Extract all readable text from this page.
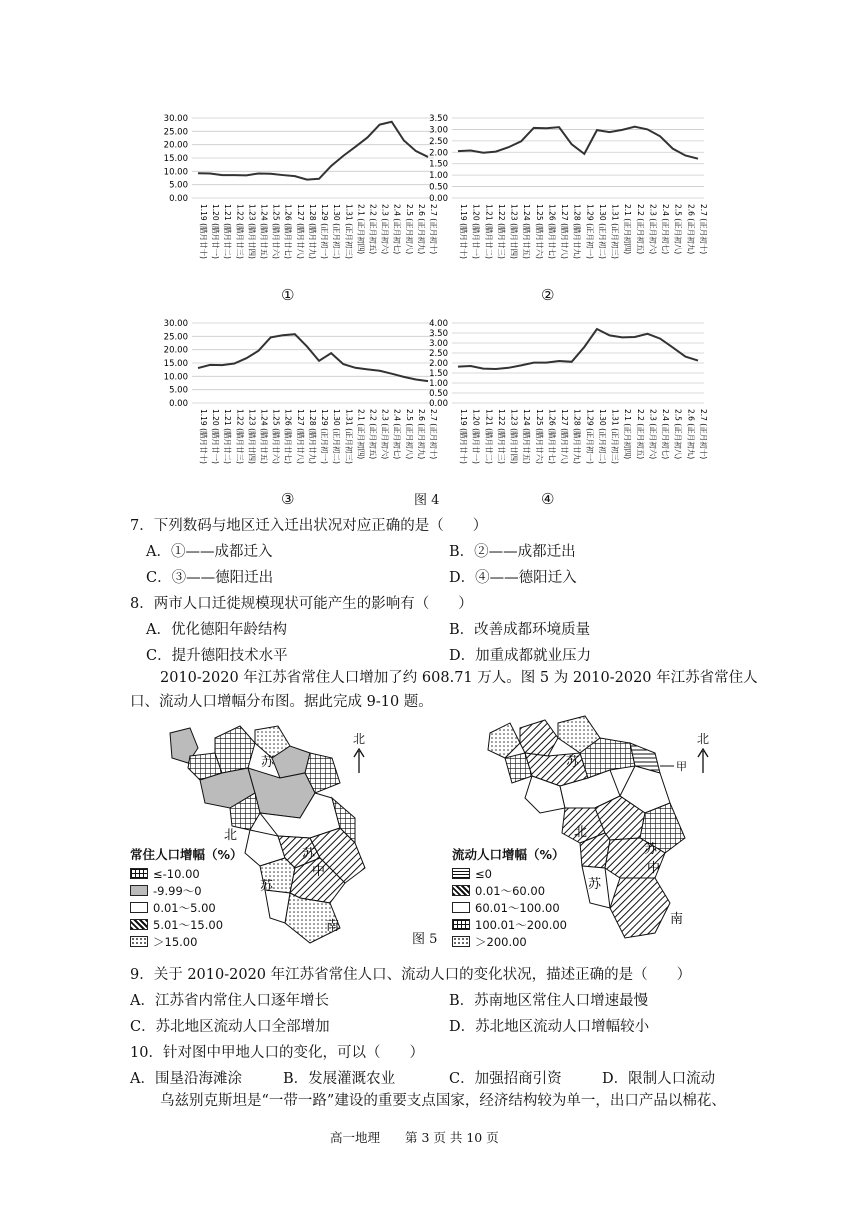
0.00
5.00
10.00
15.00
20.00
25.00
30.00
1.19 (腊月廿十) 1.20 (腊月廿一) 1.21 (腊月廿二) 1.22 (腊月廿三) 1.23 (腊月廿四) 1.24 (腊月廿五) 1.25 (腊月廿六) 1.26 (腊月廿七) 1.27 (腊月廿八) 1.28 (腊月廿九) 1.29 (正月初一) 1.30 (正月初二) 1.31 (正月初三) 2.1 (正月初四) 2.2 (正月初五) 2.3 (正月初六) 2.4 (正月初七) 2.5 (正月初八) 2.6 (正月初九) 2.7 (正月初十)
0.00
0.50
1.00
1.50
2.00
2.50
3.00
3.50
1.19 (腊月廿十) 1.20 (腊月廿一) 1.21 (腊月廿二) 1.22 (腊月廿三) 1.23 (腊月廿四) 1.24 (腊月廿五) 1.25 (腊月廿六) 1.26 (腊月廿七) 1.27 (腊月廿八) 1.28 (腊月廿九) 1.29 (正月初一) 1.30 (正月初二) 1.31 (正月初三) 2.1 (正月初四) 2.2 (正月初五) 2.3 (正月初六) 2.4 (正月初七) 2.5 (正月初八) 2.6 (正月初九) 2.7 (正月初十)
0.00
5.00
10.00
15.00
20.00
25.00
30.00
1.19 (腊月廿十) 1.20 (腊月廿一) 1.21 (腊月廿二) 1.22 (腊月廿三) 1.23 (腊月廿四) 1.24 (腊月廿五) 1.25 (腊月廿六) 1.26 (腊月廿七) 1.27 (腊月廿八) 1.28 (腊月廿九) 1.29 (正月初一) 1.30 (正月初二) 1.31 (正月初三) 2.1 (正月初四) 2.2 (正月初五) 2.3 (正月初六) 2.4 (正月初七) 2.5 (正月初八) 2.6 (正月初九) 2.7 (正月初十)
0.00
0.50
1.00
1.50
2.00
2.50
3.00
3.50
4.00
1.19 (腊月廿十) 1.20 (腊月廿一) 1.21 (腊月廿二) 1.22 (腊月廿三) 1.23 (腊月廿四) 1.24 (腊月廿五) 1.25 (腊月廿六) 1.26 (腊月廿七) 1.27 (腊月廿八) 1.28 (腊月廿九) 1.29 (正月初一) 1.30 (正月初二) 1.31 (正月初三) 2.1 (正月初四) 2.2 (正月初五) 2.3 (正月初六) 2.4 (正月初七) 2.5 (正月初八) 2.6 (正月初九) 2.7 (正月初十)
①	②
③	④
图 4
7．下列数码与地区迁入迁出状况对应正确的是（　　）
A．①——成都迁入	B．②——成都迁出
C．③——德阳迁出	D．④——德阳迁入
8．两市人口迁徙规模现状可能产生的影响有（　　）
A．优化德阳年龄结构	B．改善成都环境质量
C．提升德阳技术水平	D．加重成都就业压力
2010-2020 年江苏省常住人口增加了约 608.71 万人。图 5 为 2010-2020 年江苏省常住人
口、流动人口增幅分布图。据此完成 9-10 题。
苏
北
苏
中
苏
南
北
常住人口增幅（%）
≤-10.00
-9.99～0
0.01～5.00
5.01～15.00
＞15.00
苏
北
苏
中
苏
南
甲
北
流动人口增幅（%）
≤0
0.01～60.00
60.01～100.00
100.01～200.00
＞200.00
图 5
9．关于 2010-2020 年江苏省常住人口、流动人口的变化状况，描述正确的是（　　）
A．江苏省内常住人口逐年增长	B．苏南地区常住人口增速最慢
C．苏北地区流动人口全部增加	D．苏北地区流动人口增幅较小
10．针对图中甲地人口的变化，可以（　　）
A．围垦沿海滩涂	B．发展灌溉农业	C．加强招商引资	D．限制人口流动
乌兹别克斯坦是“一带一路”建设的重要支点国家，经济结构较为单一，出口产品以棉花、
高一地理　　第 3 页 共 10 页
